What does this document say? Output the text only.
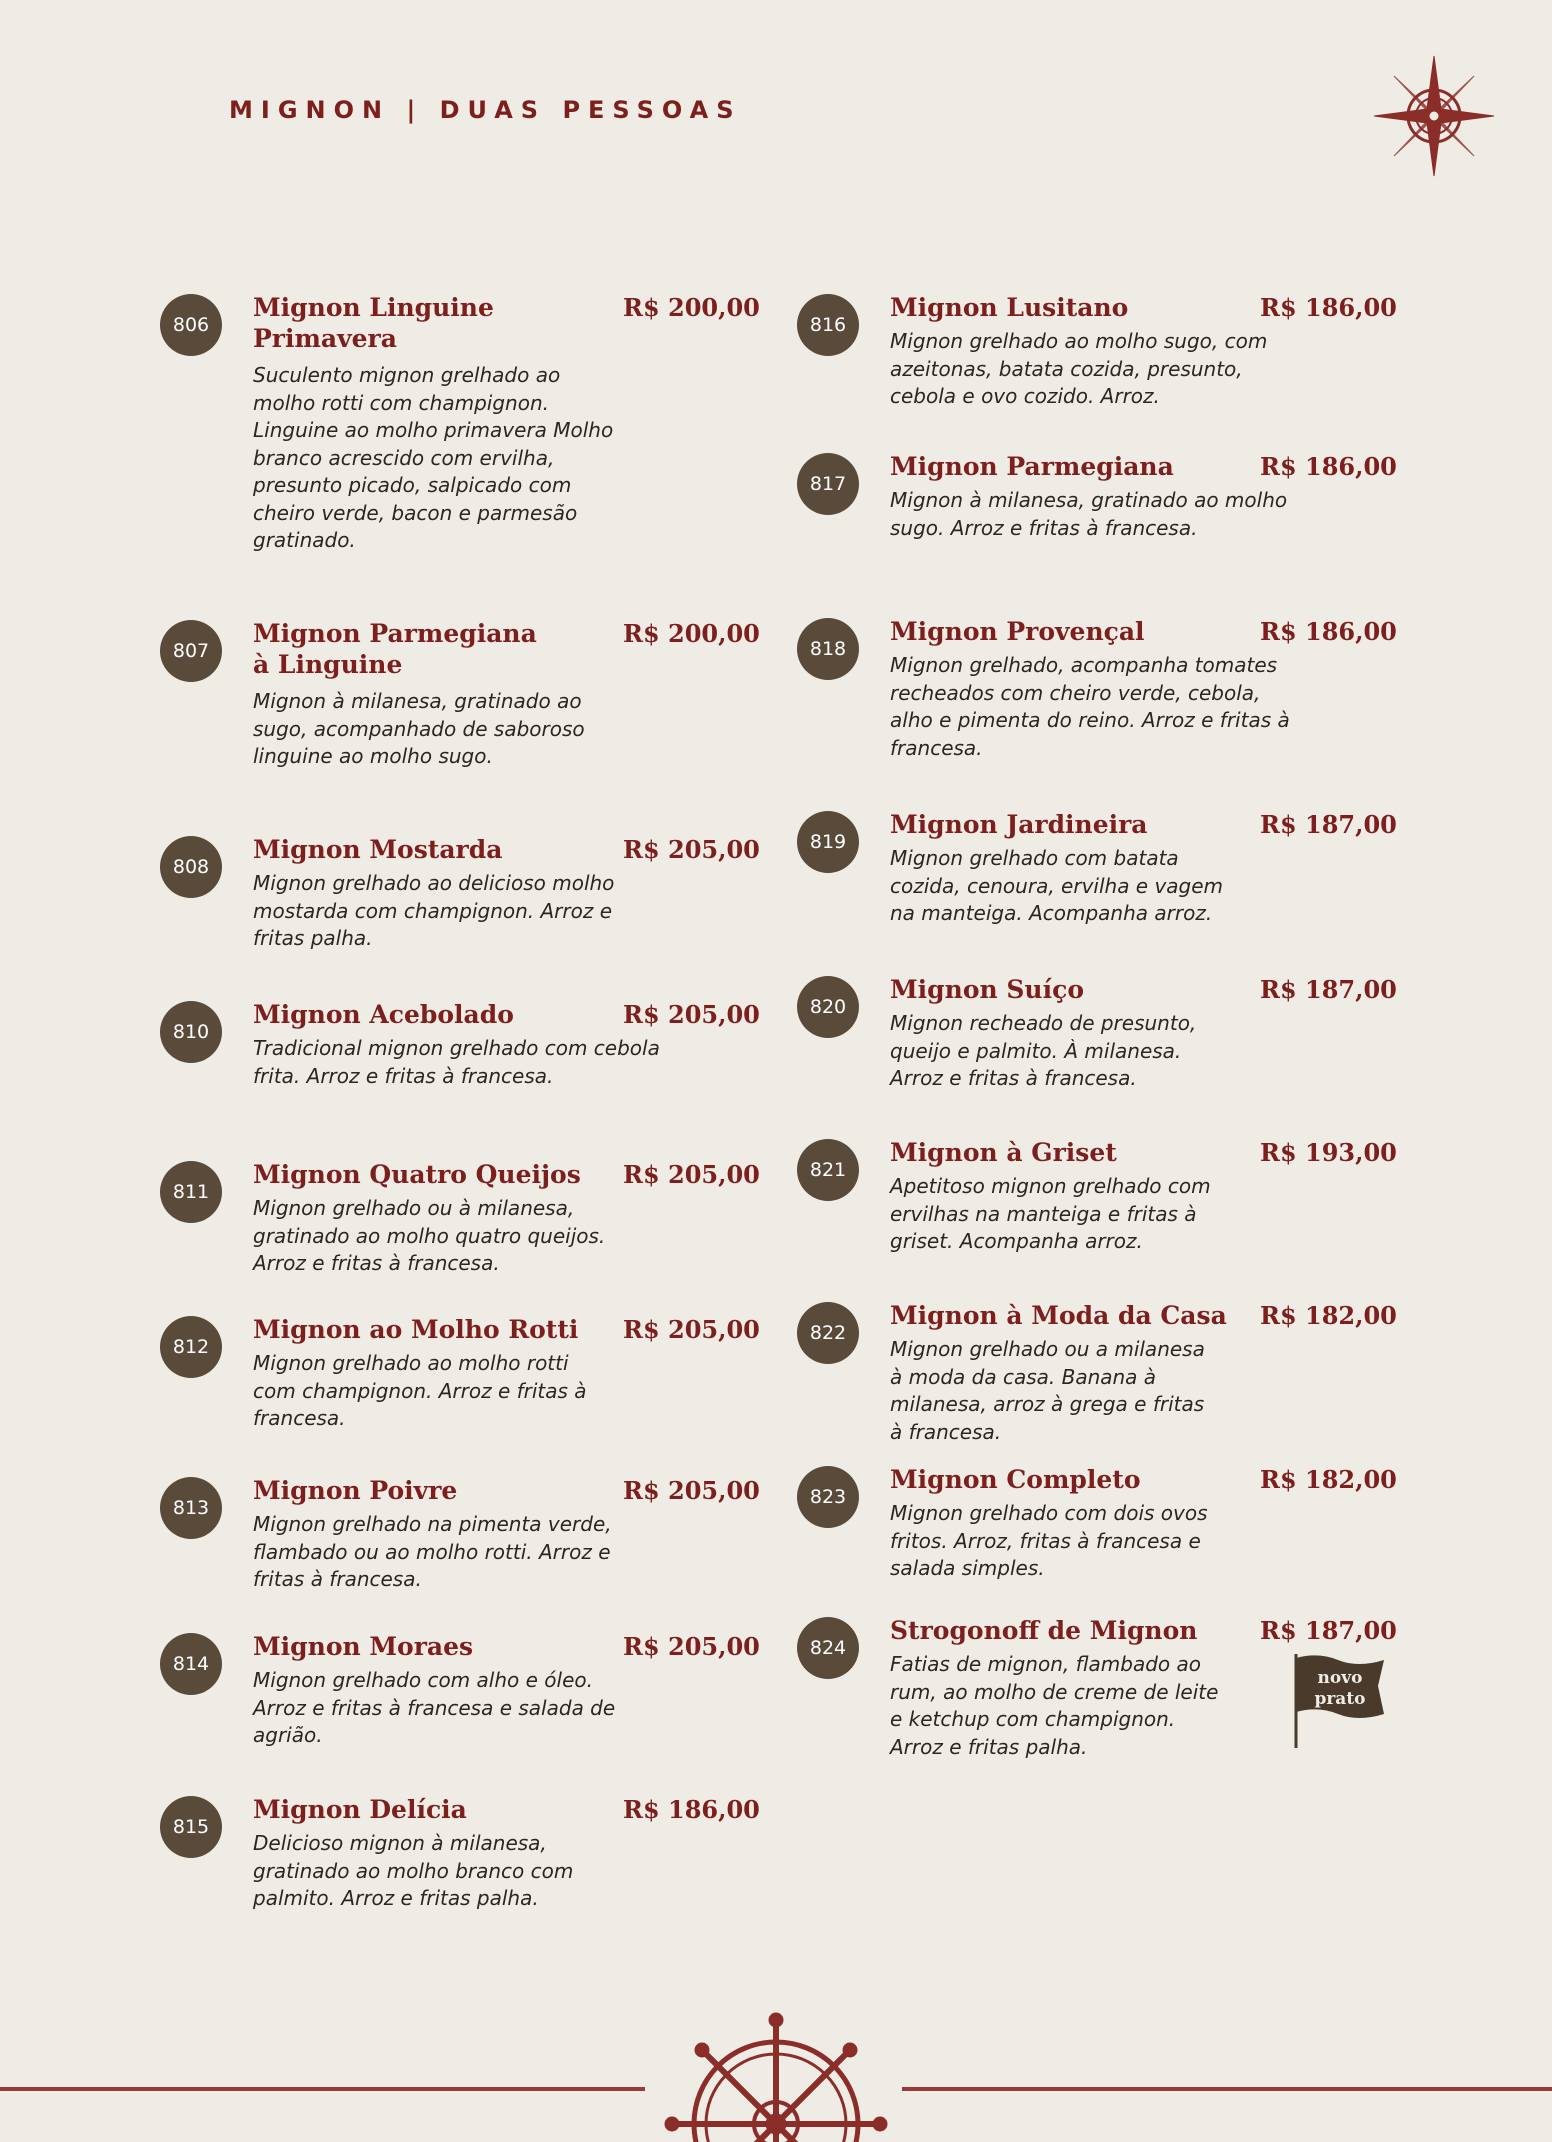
MIGNON | DUAS PESSOAS
806
Mignon Linguine Primavera
R$ 200,00
Suculento mignon grelhado ao molho rotti com champignon. Linguine ao molho primavera Molho branco acrescido com ervilha, presunto picado, salpicado com cheiro verde, bacon e parmesão gratinado.
807
Mignon Parmegiana à Linguine
R$ 200,00
Mignon à milanesa, gratinado ao sugo, acompanhado de saboroso linguine ao molho sugo.
808
Mignon Mostarda	R$ 205,00
Mignon grelhado ao delicioso molho mostarda com champignon. Arroz e fritas palha.
810
Mignon Acebolado	R$ 205,00
Tradicional mignon grelhado com cebola frita. Arroz e fritas à francesa.
811
Mignon Quatro Queijos	R$ 205,00
Mignon grelhado ou à milanesa, gratinado ao molho quatro queijos. Arroz e fritas à francesa.
812
Mignon ao Molho Rotti	R$ 205,00
Mignon grelhado ao molho rotti com champignon. Arroz e fritas à francesa.
813
Mignon Poivre	R$ 205,00
Mignon grelhado na pimenta verde, flambado ou ao molho rotti. Arroz e fritas à francesa.
814
Mignon Moraes	R$ 205,00
Mignon grelhado com alho e óleo. Arroz e fritas à francesa e salada de agrião.
815
Mignon Delícia	R$ 186,00
Delicioso mignon à milanesa, gratinado ao molho branco com palmito. Arroz e fritas palha.
816
Mignon Lusitano	R$ 186,00
Mignon grelhado ao molho sugo, com azeitonas, batata cozida, presunto, cebola e ovo cozido. Arroz.
817
Mignon Parmegiana	R$ 186,00
Mignon à milanesa, gratinado ao molho sugo. Arroz e fritas à francesa.
818
Mignon Provençal	R$ 186,00
Mignon grelhado, acompanha tomates recheados com cheiro verde, cebola, alho e pimenta do reino. Arroz e fritas à francesa.
819
Mignon Jardineira	R$ 187,00
Mignon grelhado com batata cozida, cenoura, ervilha e vagem na manteiga. Acompanha arroz.
820
Mignon Suíço	R$ 187,00
Mignon recheado de presunto, queijo e palmito. À milanesa. Arroz e fritas à francesa.
821
Mignon à Griset	R$ 193,00
Apetitoso mignon grelhado com ervilhas na manteiga e fritas à griset. Acompanha arroz.
822
Mignon à Moda da Casa R$ 182,00
Mignon grelhado ou a milanesa à moda da casa. Banana à milanesa, arroz à grega e fritas à francesa.
823
Mignon Completo	R$ 182,00
Mignon grelhado com dois ovos fritos. Arroz, fritas à francesa e salada simples.
824
Strogonoff de Mignon	R$ 187,00
Fatias de mignon, flambado ao rum, ao molho de creme de leite e ketchup com champignon. Arroz e fritas palha.
novo
prato
